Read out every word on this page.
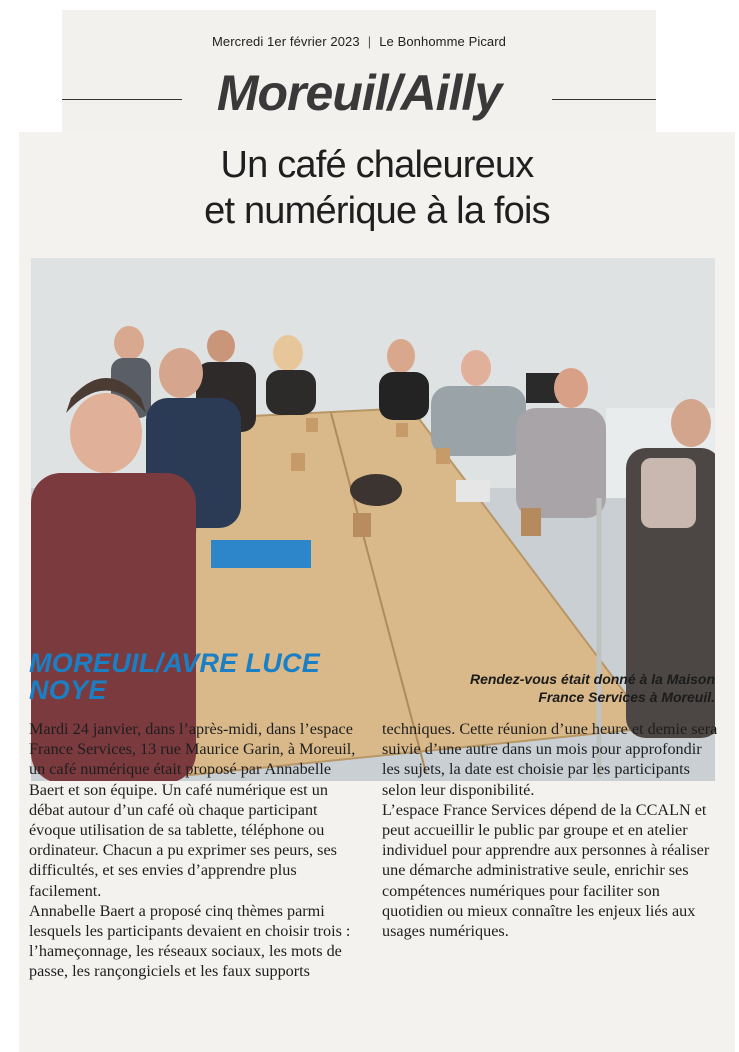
Mercredi 1er février 2023 | Le Bonhomme Picard
Moreuil/Ailly
Un café chaleureux
et numérique à la fois
MOREUIL/AVRE LUCE
NOYE	Rendez-vous était donné à la Maison
France Services à Moreuil.

Mardi 24 janvier, dans l’après-midi, dans l’espace France Services, 13 rue Maurice Garin, à Moreuil, un café numérique était proposé par Annabelle Baert et son équipe. Un café numérique est un débat autour d’un café où chaque participant évoque utilisation de sa tablette, téléphone ou ordinateur. Chacun a pu exprimer ses peurs, ses difficultés, et ses envies d’apprendre plus facilement.

Annabelle Baert a proposé cinq thèmes parmi lesquels les participants devaient en choisir trois : l’hameçonnage, les réseaux sociaux, les mots de passe, les rançongiciels et les faux supports

techniques. Cette réunion d’une heure et demie sera suivie d’une autre dans un mois pour approfondir les sujets, la date est choisie par les participants selon leur disponibilité.

L’espace France Services dépend de la CCALN et peut accueillir le public par groupe et en atelier individuel pour apprendre aux personnes à réaliser une démarche administrative seule, enrichir ses compétences numériques pour faciliter son quotidien ou mieux connaître les enjeux liés aux usages numériques.
